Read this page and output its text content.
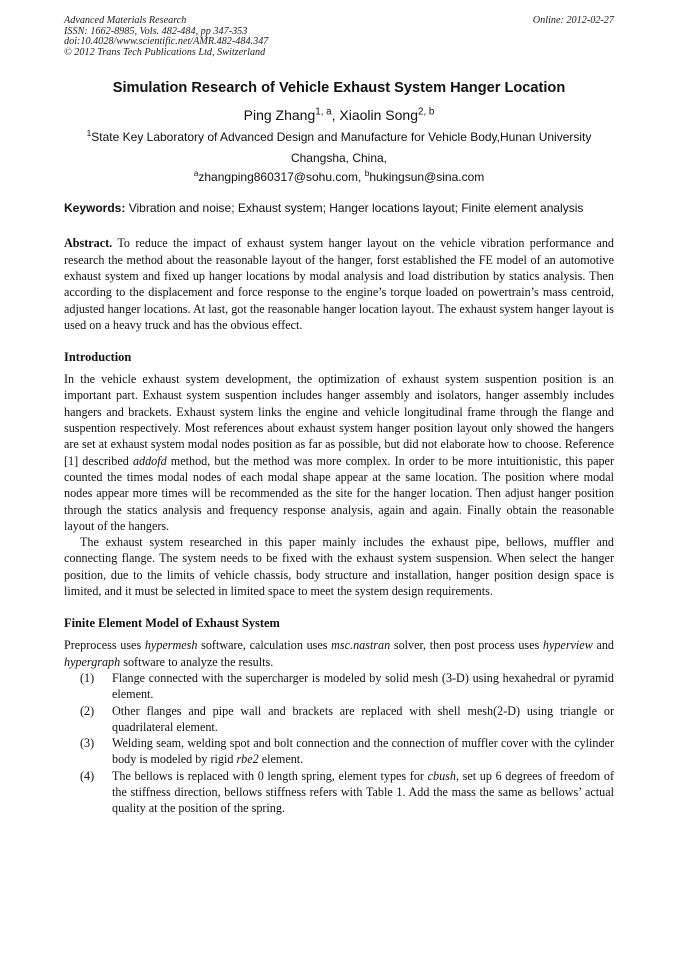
Advanced Materials Research
ISSN: 1662-8985, Vols. 482-484, pp 347-353
doi:10.4028/www.scientific.net/AMR.482-484.347
© 2012 Trans Tech Publications Ltd, Switzerland
Online: 2012-02-27
Simulation Research of Vehicle Exhaust System Hanger Location
Ping Zhang$^{1, a}$, Xiaolin Song$^{2, b}$
$^1$State Key Laboratory of Advanced Design and Manufacture for Vehicle Body,Hunan University
Changsha, China,
$^a$zhangping860317@sohu.com, $^b$hukingsun@sina.com
Keywords: Vibration and noise; Exhaust system; Hanger locations layout; Finite element analysis
Abstract. To reduce the impact of exhaust system hanger layout on the vehicle vibration performance and research the method about the reasonable layout of the hanger, forst established the FE model of an automotive exhaust system and fixed up hanger locations by modal analysis and load distribution by statics analysis. Then according to the displacement and force response to the engine’s torque loaded on powertrain’s mass centroid, adjusted hanger locations. At last, got the reasonable hanger location layout. The exhaust system hanger layout is used on a heavy truck and has the obvious effect.
Introduction
In the vehicle exhaust system development, the optimization of exhaust system suspention position is an important part. Exhaust system suspention includes hanger assembly and isolators, hanger assembly includes hangers and brackets. Exhaust system links the engine and vehicle longitudinal frame through the flange and suspention respectively. Most references about exhaust system hanger position layout only showed the hangers are set at exhaust system modal nodes position as far as possible, but did not elaborate how to choose. Reference [1] described addofd method, but the method was more complex. In order to be more intuitionistic, this paper counted the times modal nodes of each modal shape appear at the same location. The position where modal nodes appear more times will be recommended as the site for the hanger location. Then adjust hanger position through the statics analysis and frequency response analysis, again and again. Finally obtain the reasonable layout of the hangers.
The exhaust system researched in this paper mainly includes the exhaust pipe, bellows, muffler and connecting flange. The system needs to be fixed with the exhaust system suspension. When select the hanger position, due to the limits of vehicle chassis, body structure and installation, hanger position design space is limited, and it must be selected in limited space to meet the system design requirements.
Finite Element Model of Exhaust System
Preprocess uses hypermesh software, calculation uses msc.nastran solver, then post process uses hyperview and hypergraph software to analyze the results.
(1) Flange connected with the supercharger is modeled by solid mesh (3-D) using hexahedral or pyramid element.
(2) Other flanges and pipe wall and brackets are replaced with shell mesh(2-D) using triangle or quadrilateral element.
(3) Welding seam, welding spot and bolt connection and the connection of muffler cover with the cylinder body is modeled by rigid rbe2 element.
(4) The bellows is replaced with 0 length spring, element types for cbush, set up 6 degrees of freedom of the stiffness direction, bellows stiffness refers with Table 1. Add the mass the same as bellows’ actual quality at the position of the spring.
